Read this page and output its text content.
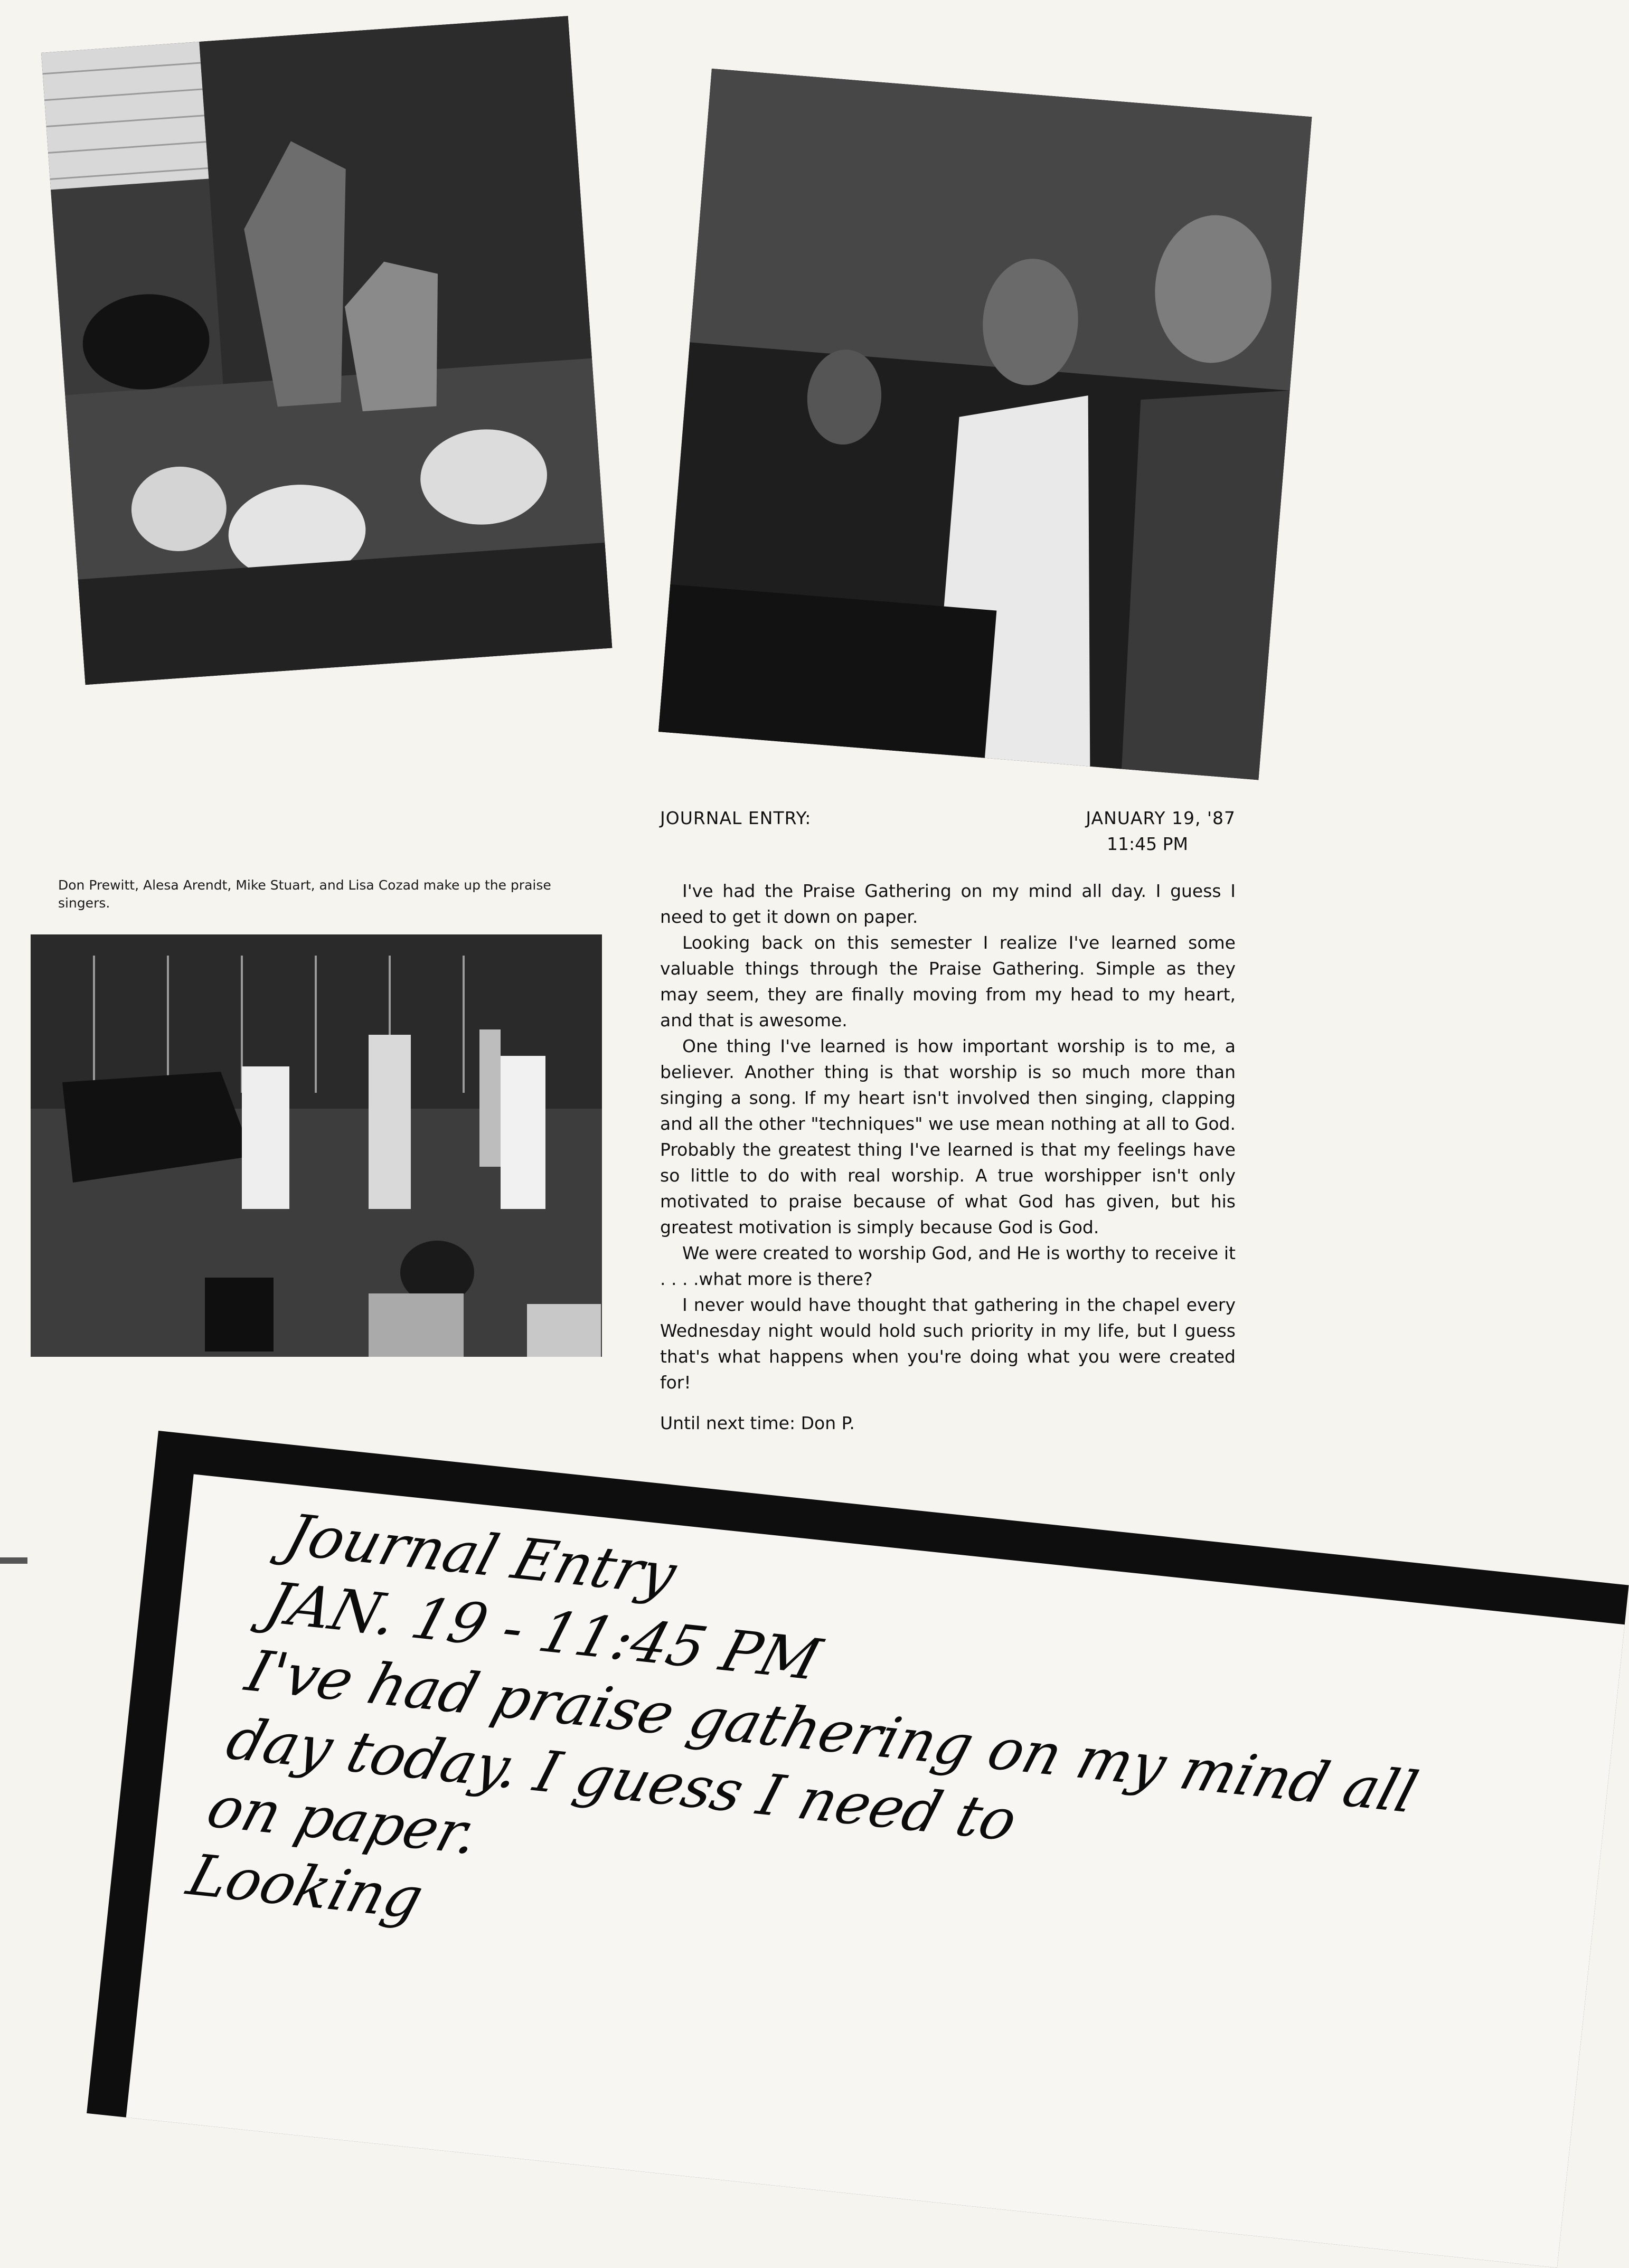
Don Prewitt, Alesa Arendt, Mike Stuart, and Lisa Cozad make up the praise singers.
JOURNAL ENTRY:	JANUARY 19, '87
11:45 PM

I've had the Praise Gathering on my mind all day. I guess I need to get it down on paper.

Looking back on this semester I realize I've learned some valuable things through the Praise Gathering. Simple as they may seem, they are finally moving from my head to my heart, and that is awesome.

One thing I've learned is how important worship is to me, a believer. Another thing is that worship is so much more than singing a song. If my heart isn't involved then singing, clapping and all the other "techniques" we use mean nothing at all to God. Probably the greatest thing I've learned is that my feelings have so little to do with real worship. A true worshipper isn't only motivated to praise because of what God has given, but his greatest motivation is simply because God is God.

We were created to worship God, and He is worthy to receive it . . . .what more is there?

I never would have thought that gathering in the chapel every Wednesday night would hold such priority in my life, but I guess that's what happens when you're doing what you were created for!

Until next time: Don P.

Journal Entry
JAN. 19 - 11:45 PM
I've had praise gathering on my mind all
day today. I guess I need to
on paper.
Looking
